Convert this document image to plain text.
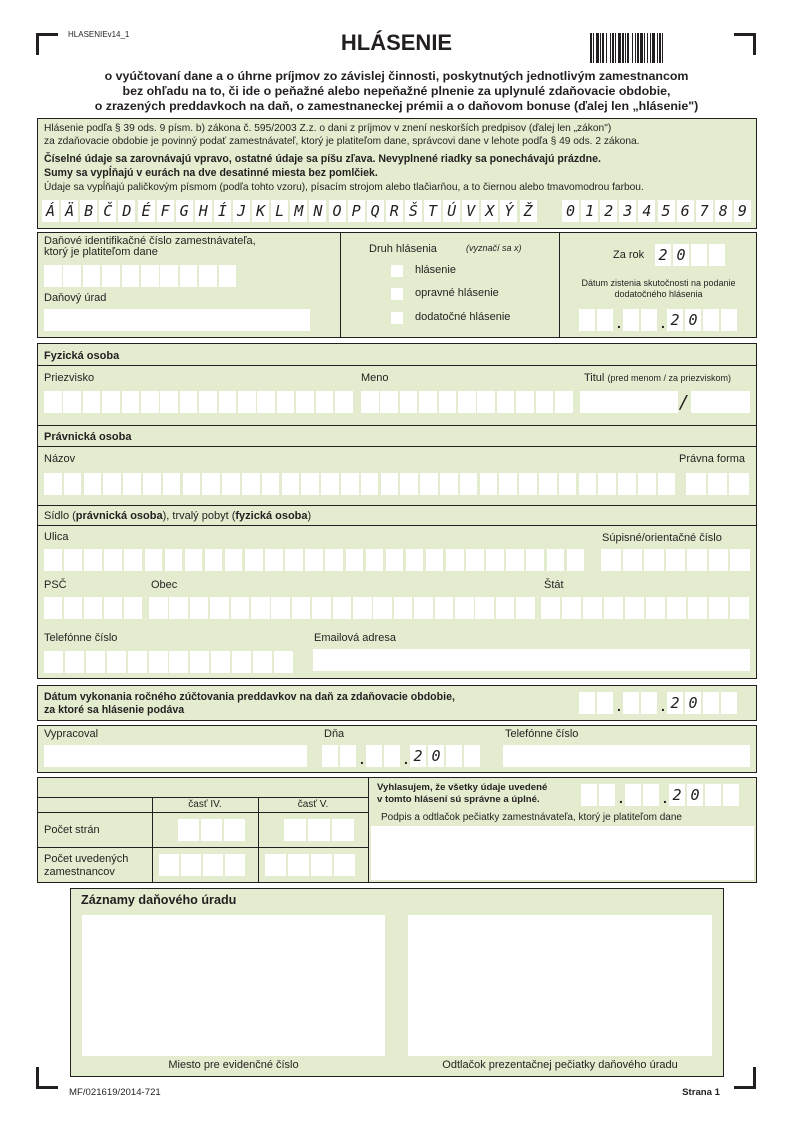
HLASENIEv14_1	HLÁSENIE
o vyúčtovaní dane a o úhrne príjmov zo závislej činnosti, poskytnutých jednotlivým zamestnancom
bez ohľadu na to, či ide o peňažné alebo nepeňažné plnenie za uplynulé zdaňovacie obdobie,
o zrazených preddavkoch na daň, o zamestnaneckej prémii a o daňovom bonuse (ďalej len „hlásenie")
Hlásenie podľa § 39 ods. 9 písm. b) zákona č. 595/2003 Z.z. o dani z príjmov v znení neskorších predpisov (ďalej len „zákon")
za zdaňovacie obdobie je povinný podať zamestnávateľ, ktorý je platiteľom dane, správcovi dane v lehote podľa § 49 ods. 2 zákona.
Číselné údaje sa zarovnávajú vpravo, ostatné údaje sa píšu zľava. Nevyplnené riadky sa ponechávajú prázdne.
Sumy sa vypĺňajú v eurách na dve desatinné miesta bez pomlčiek.
Údaje sa vypĺňajú paličkovým písmom (podľa tohto vzoru), písacím strojom alebo tlačiarňou, a to čiernou alebo tmavomodrou farbou.
Á Ä B Č D É F G H Í J K L M N O P Q R Š T Ú V X Ý Ž 0 1 2 3 4 5 6 7 8 9
Daňové identifikačné číslo zamestnávateľa,
ktorý je platiteľom dane
Daňový úrad
Druh hlásenia	(vyznačí sa x)
hlásenie
opravné hlásenie
dodatočné hlásenie
Za rok 2 0
Dátum zistenia skutočnosti na podanie
dodatočného hlásenia
2 0
.	.
Fyzická osoba
Priezvisko	Meno	Titul (pred menom / za priezviskom)
/
Právnická osoba
Názov	Právna forma
Sídlo (právnická osoba), trvalý pobyt (fyzická osoba)
Ulica	Súpisné/orientačné číslo
PSČ	Obec	Štát
Telefónne číslo	Emailová adresa
Dátum vykonania ročného zúčtovania preddavkov na daň za zdaňovacie obdobie,
za ktoré sa hlásenie podáva	2 0
.	.
Vypracoval	Dňa	Telefónne číslo
2 0
.	.
časť IV.	časť V.
Počet strán
Počet uvedených
zamestnancov
Vyhlasujem, že všetky údaje uvedené
v tomto hlásení sú správne a úplné.	2 0
.	.
Podpis a odtlačok pečiatky zamestnávateľa, ktorý je platiteľom dane
Záznamy daňového úradu
Miesto pre evidenčné číslo	Odtlačok prezentačnej pečiatky daňového úradu
MF/021619/2014-721	Strana 1
